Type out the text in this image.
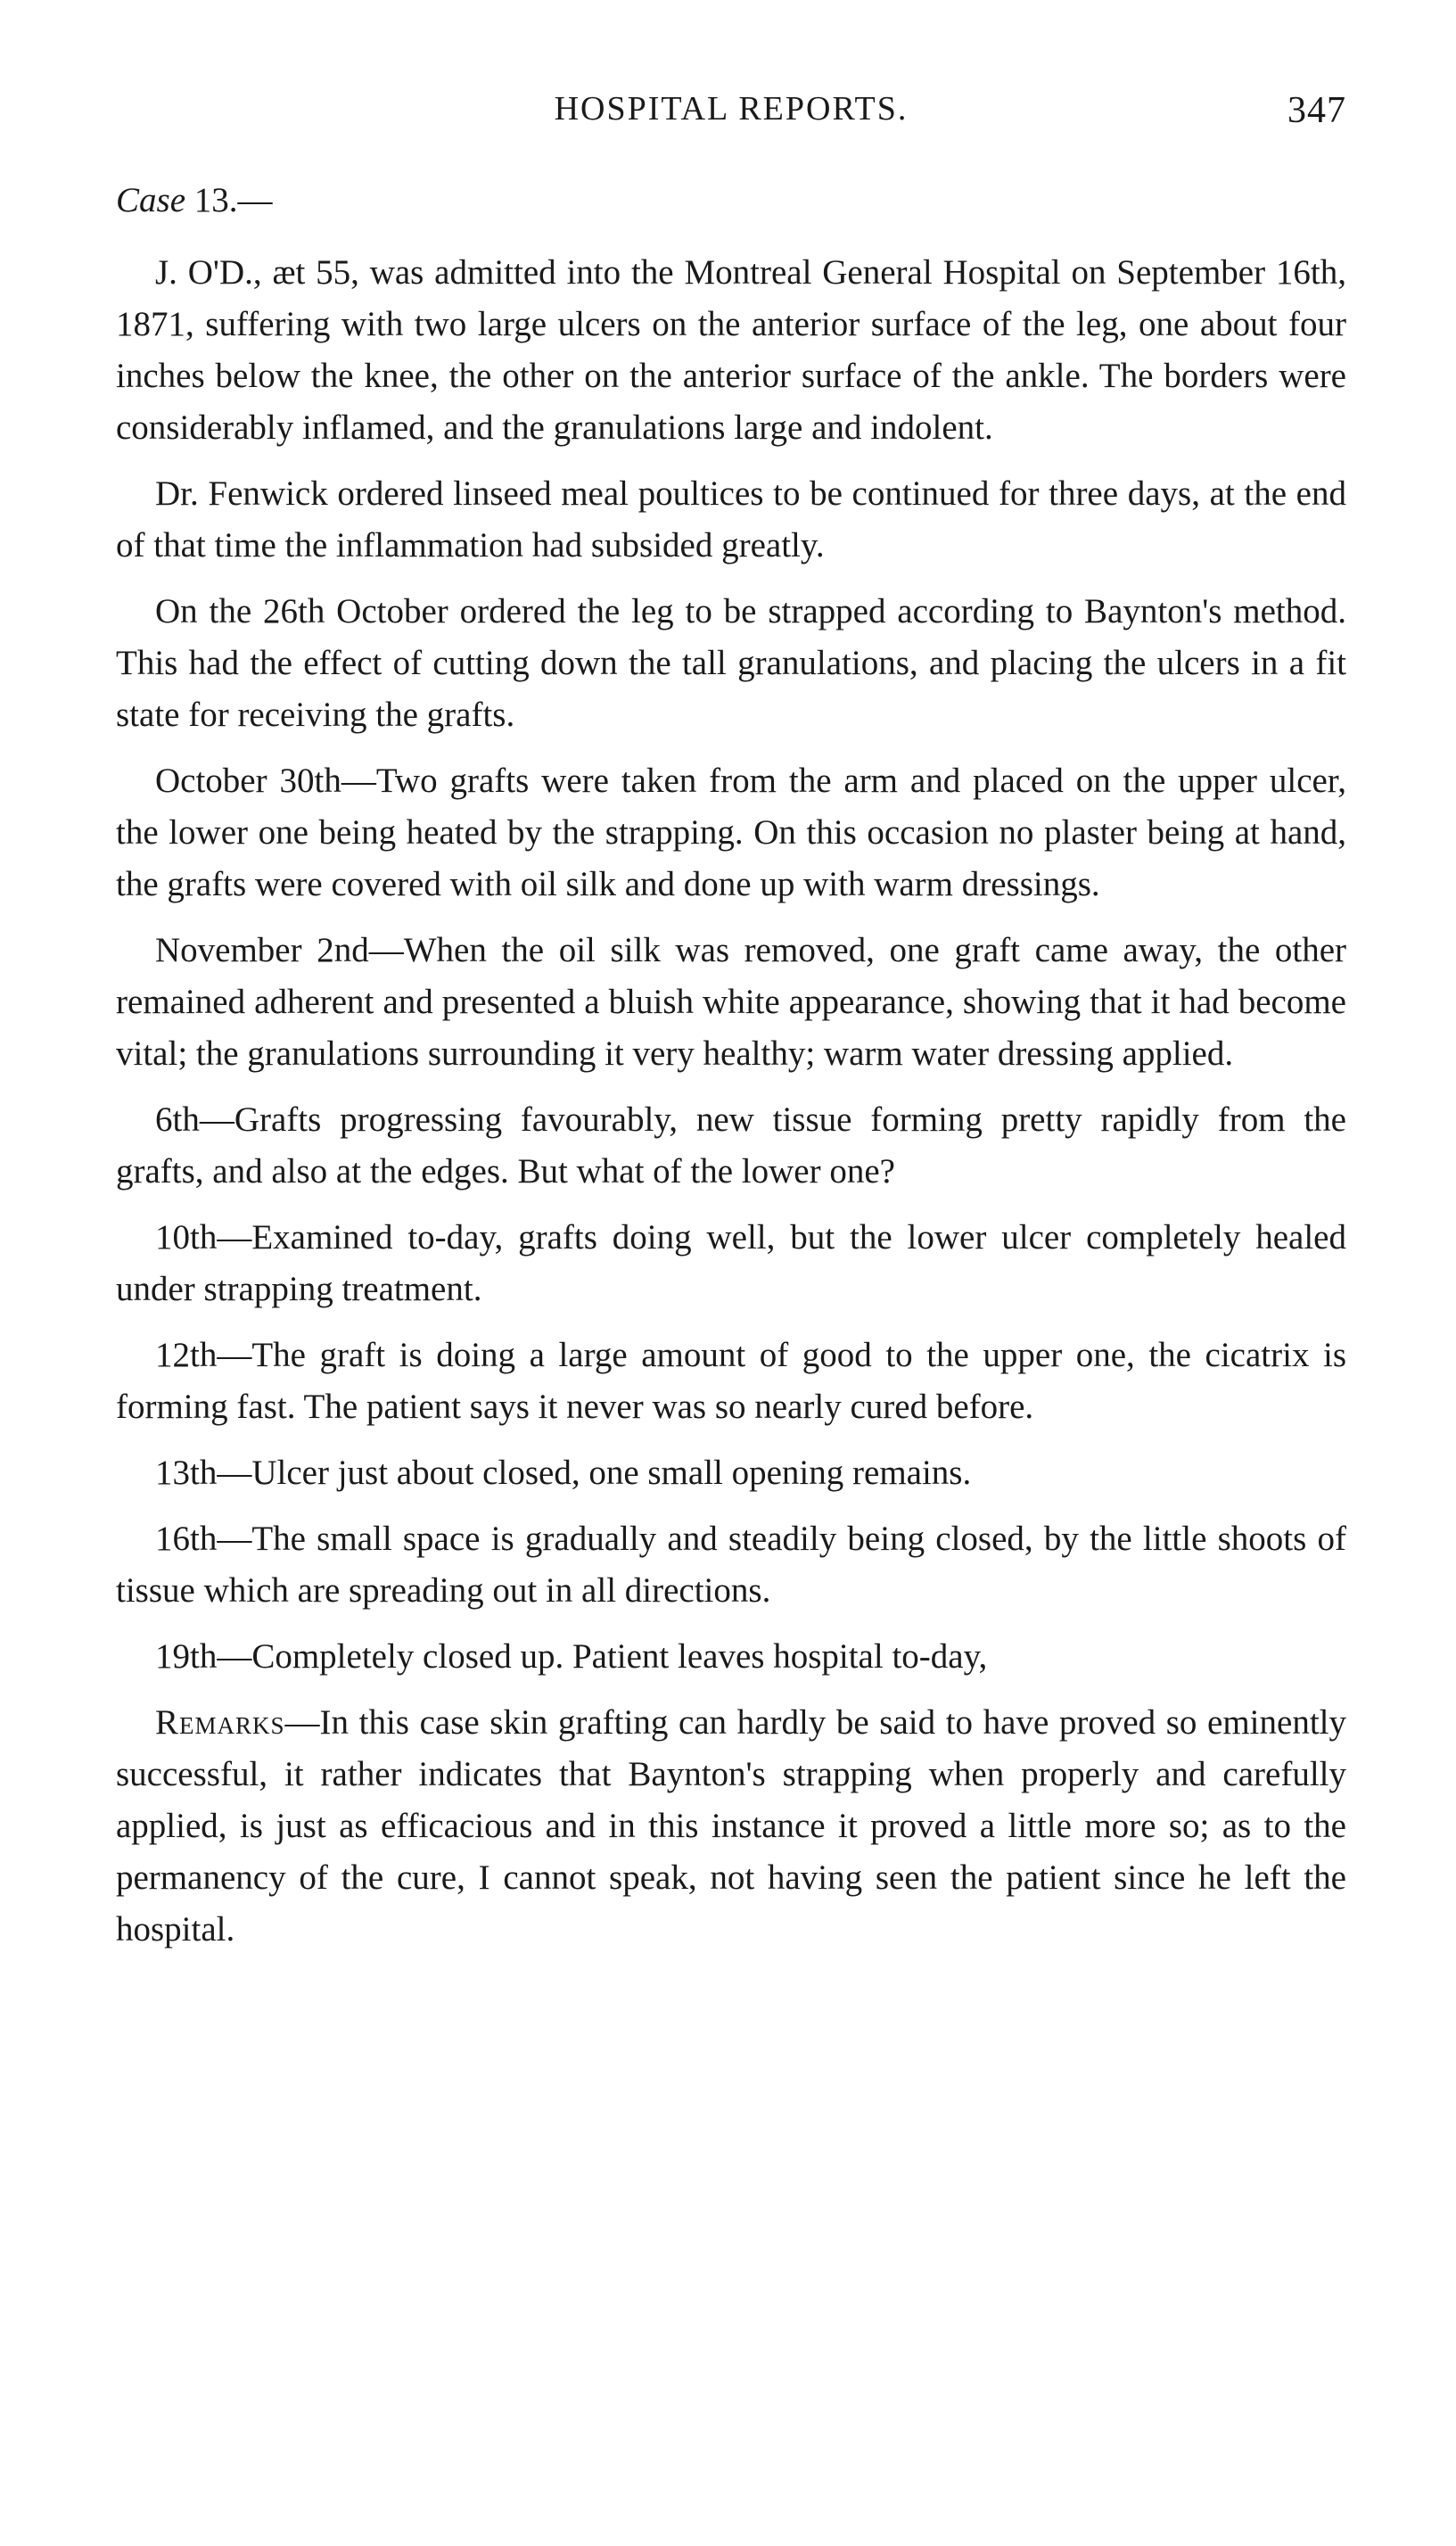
HOSPITAL REPORTS.	347
Case 13.—

J. O'D., æt 55, was admitted into the Montreal General Hospital on September 16th, 1871, suffering with two large ulcers on the anterior surface of the leg, one about four inches below the knee, the other on the anterior surface of the ankle. The borders were considerably inflamed, and the granulations large and indolent.

Dr. Fenwick ordered linseed meal poultices to be continued for three days, at the end of that time the inflammation had subsided greatly.

On the 26th October ordered the leg to be strapped according to Baynton's method. This had the effect of cutting down the tall granulations, and placing the ulcers in a fit state for receiving the grafts.

October 30th—Two grafts were taken from the arm and placed on the upper ulcer, the lower one being heated by the strapping. On this occasion no plaster being at hand, the grafts were covered with oil silk and done up with warm dressings.

November 2nd—When the oil silk was removed, one graft came away, the other remained adherent and presented a bluish white appearance, showing that it had become vital; the granulations surrounding it very healthy; warm water dressing applied.

6th—Grafts progressing favourably, new tissue forming pretty rapidly from the grafts, and also at the edges. But what of the lower one?

10th—Examined to-day, grafts doing well, but the lower ulcer completely healed under strapping treatment.

12th—The graft is doing a large amount of good to the upper one, the cicatrix is forming fast. The patient says it never was so nearly cured before.

13th—Ulcer just about closed, one small opening remains.

16th—The small space is gradually and steadily being closed, by the little shoots of tissue which are spreading out in all directions.

19th—Completely closed up. Patient leaves hospital to-day,

Remarks—In this case skin grafting can hardly be said to have proved so eminently successful, it rather indicates that Baynton's strapping when properly and carefully applied, is just as efficacious and in this instance it proved a little more so; as to the permanency of the cure, I cannot speak, not having seen the patient since he left the hospital.
